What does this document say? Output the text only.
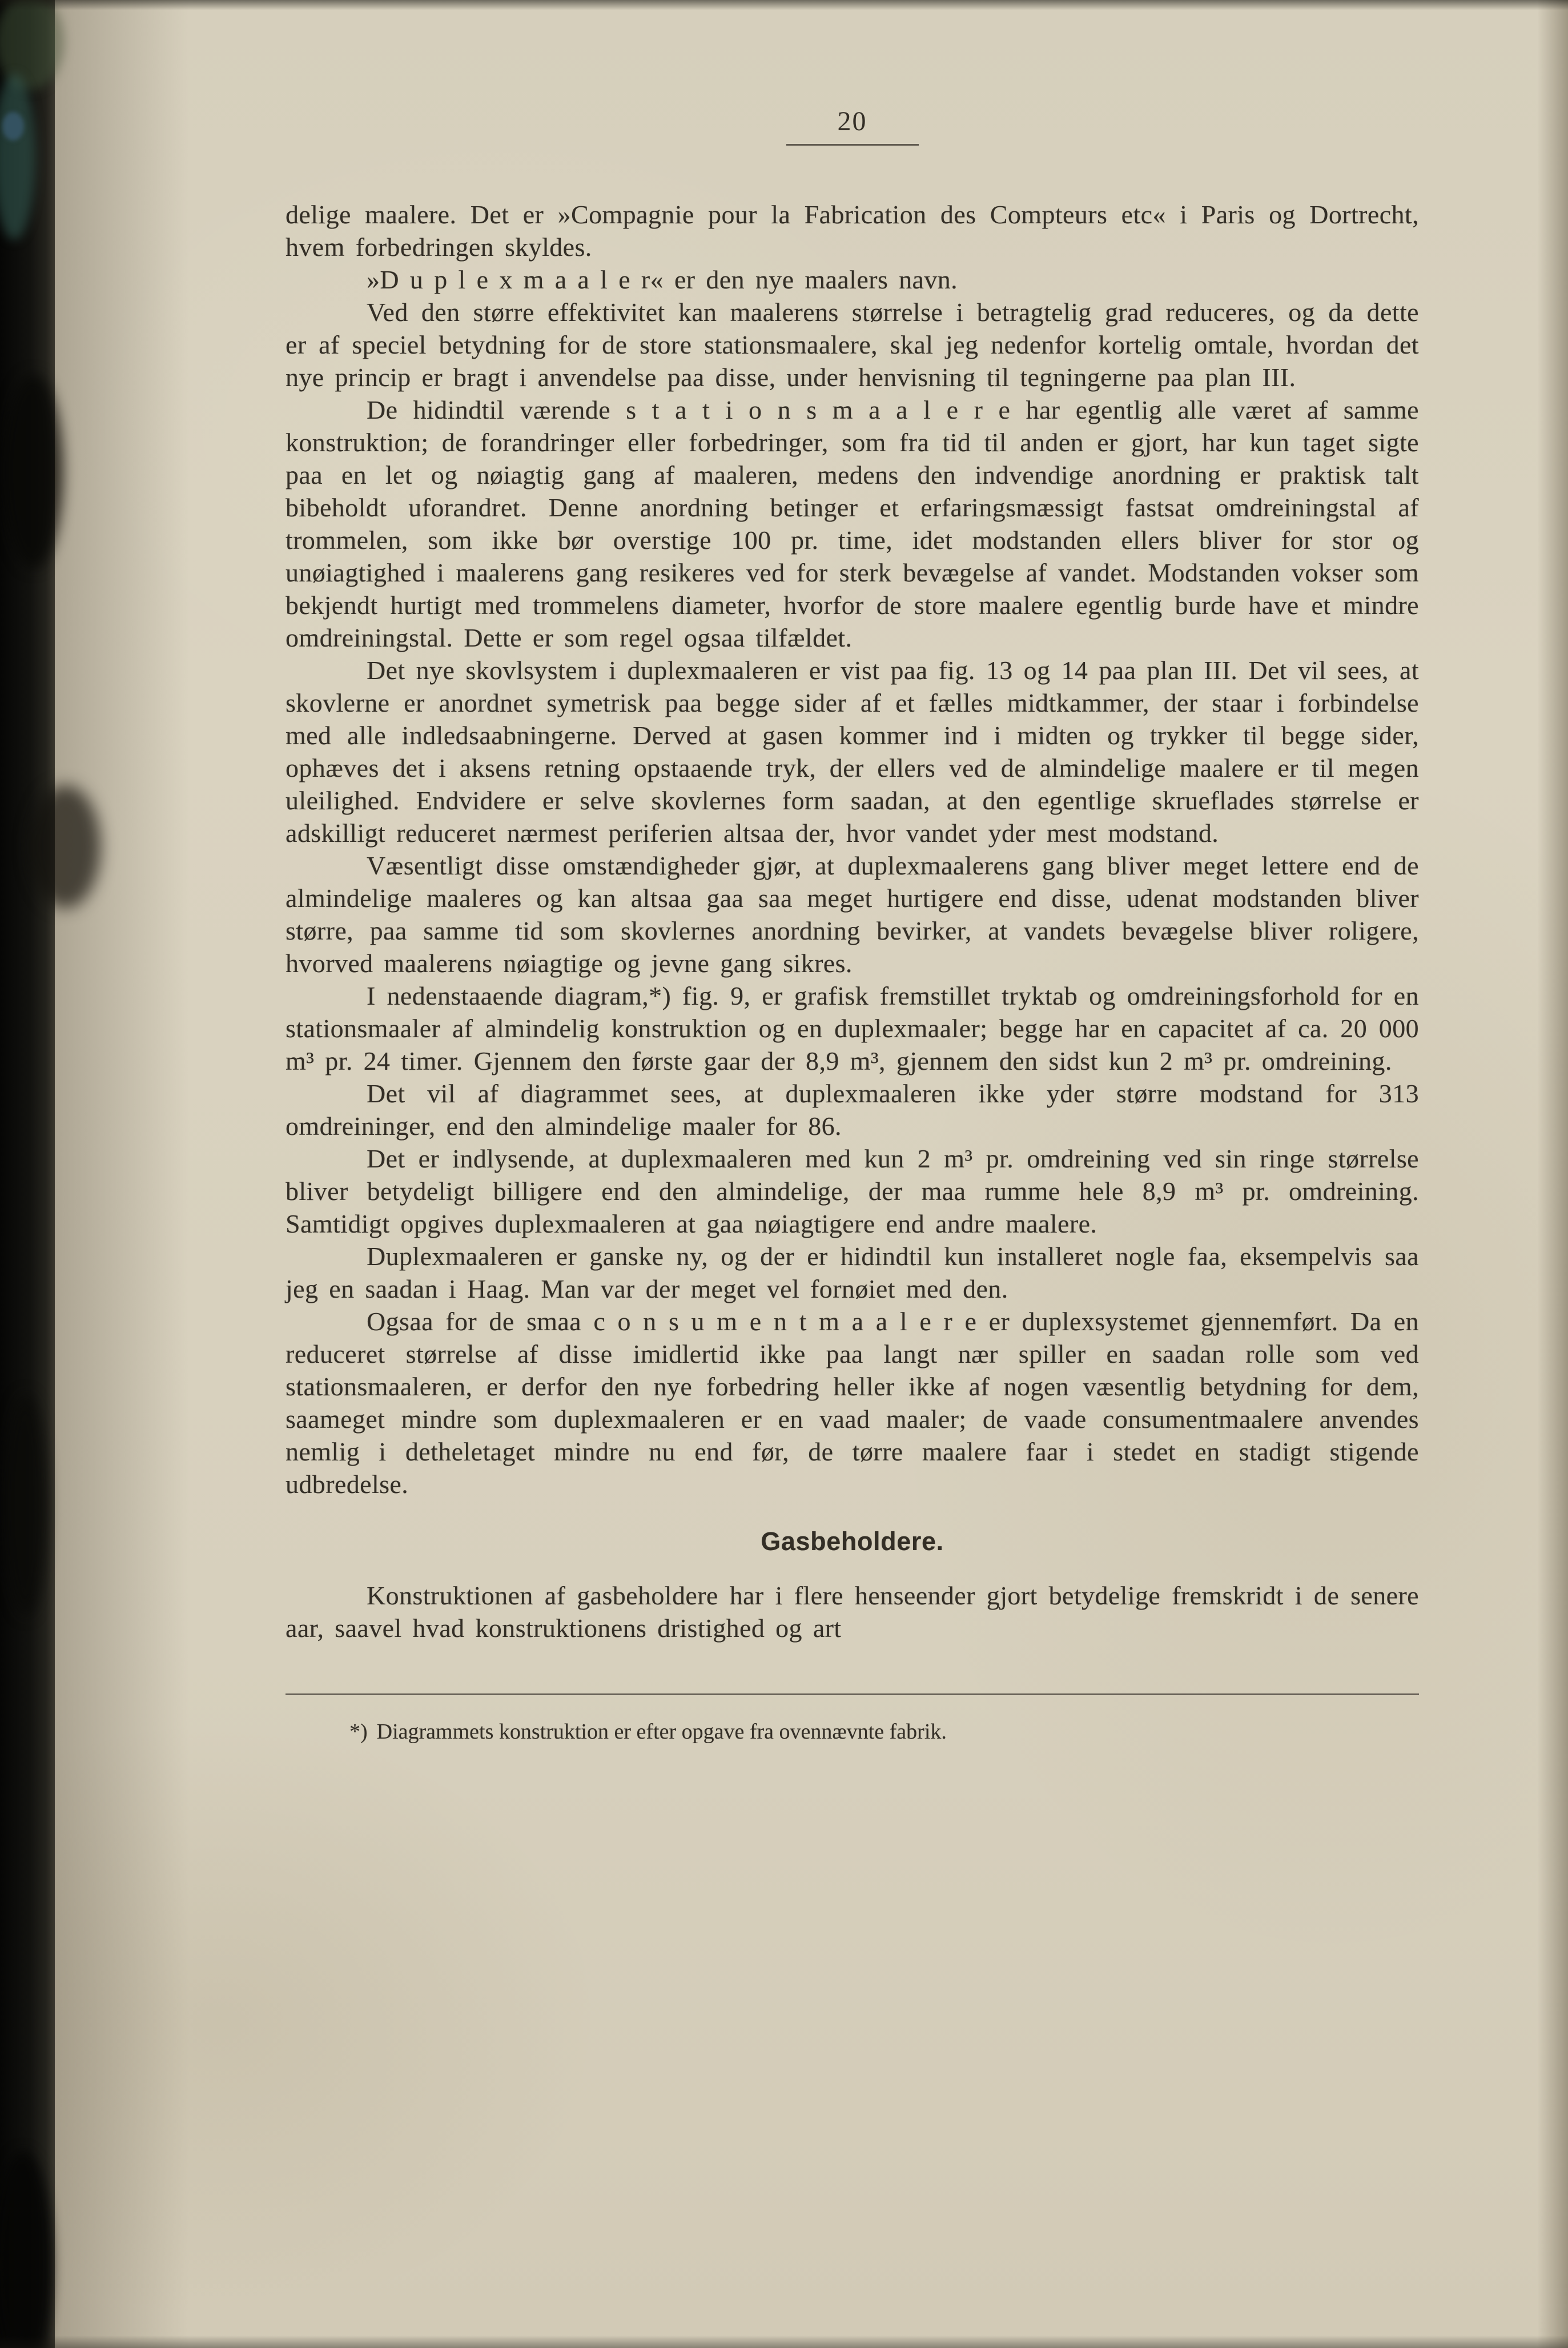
20

delige maalere. Det er »Compagnie pour la Fabrication des Compteurs etc« i Paris og Dortrecht, hvem forbedringen skyldes.

»D u p l e x m a a l e r« er den nye maalers navn.

Ved den større effektivitet kan maalerens størrelse i betragtelig grad reduceres, og da dette er af speciel betydning for de store stationsmaalere, skal jeg nedenfor kortelig omtale, hvordan det nye princip er bragt i anvendelse paa disse, under henvisning til tegningerne paa plan III.

De hidindtil værende s t a t i o n s m a a l e r e har egentlig alle været af samme konstruktion; de forandringer eller forbedringer, som fra tid til anden er gjort, har kun taget sigte paa en let og nøiagtig gang af maaleren, medens den indvendige anordning er praktisk talt bibeholdt uforandret. Denne anordning betinger et erfaringsmæssigt fastsat omdreiningstal af trommelen, som ikke bør overstige 100 pr. time, idet modstanden ellers bliver for stor og unøiagtighed i maalerens gang resikeres ved for sterk bevægelse af vandet. Modstanden vokser som bekjendt hurtigt med trommelens diameter, hvorfor de store maalere egentlig burde have et mindre omdreiningstal. Dette er som regel ogsaa tilfældet.

Det nye skovlsystem i duplexmaaleren er vist paa fig. 13 og 14 paa plan III. Det vil sees, at skovlerne er anordnet symetrisk paa begge sider af et fælles midtkammer, der staar i forbindelse med alle indledsaabningerne. Derved at gasen kommer ind i midten og trykker til begge sider, ophæves det i aksens retning opstaaende tryk, der ellers ved de almindelige maalere er til megen uleilighed. Endvidere er selve skovlernes form saadan, at den egentlige skrueflades størrelse er adskilligt reduceret nærmest periferien altsaa der, hvor vandet yder mest modstand.

Væsentligt disse omstændigheder gjør, at duplexmaalerens gang bliver meget lettere end de almindelige maaleres og kan altsaa gaa saa meget hurtigere end disse, udenat modstanden bliver større, paa samme tid som skovlernes anordning bevirker, at vandets bevægelse bliver roligere, hvorved maalerens nøiagtige og jevne gang sikres.

I nedenstaaende diagram,*) fig. 9, er grafisk fremstillet tryktab og omdreiningsforhold for en stationsmaaler af almindelig konstruktion og en duplexmaaler; begge har en capacitet af ca. 20 000 m³ pr. 24 timer. Gjennem den første gaar der 8,9 m³, gjennem den sidst kun 2 m³ pr. omdreining.

Det vil af diagrammet sees, at duplexmaaleren ikke yder større modstand for 313 omdreininger, end den almindelige maaler for 86.

Det er indlysende, at duplexmaaleren med kun 2 m³ pr. omdreining ved sin ringe størrelse bliver betydeligt billigere end den almindelige, der maa rumme hele 8,9 m³ pr. omdreining. Samtidigt opgives duplexmaaleren at gaa nøiagtigere end andre maalere.

Duplexmaaleren er ganske ny, og der er hidindtil kun installeret nogle faa, eksempelvis saa jeg en saadan i Haag. Man var der meget vel fornøiet med den.

Ogsaa for de smaa c o n s u m e n t m a a l e r e er duplexsystemet gjennemført. Da en reduceret størrelse af disse imidlertid ikke paa langt nær spiller en saadan rolle som ved stationsmaaleren, er derfor den nye forbedring heller ikke af nogen væsentlig betydning for dem, saameget mindre som duplexmaaleren er en vaad maaler; de vaade consumentmaalere anvendes nemlig i detheletaget mindre nu end før, de tørre maalere faar i stedet en stadigt stigende udbredelse.

Gasbeholdere.

Konstruktionen af gasbeholdere har i flere henseender gjort betydelige fremskridt i de senere aar, saavel hvad konstruktionens dristighed og art

*) Diagrammets konstruktion er efter opgave fra ovennævnte fabrik.
